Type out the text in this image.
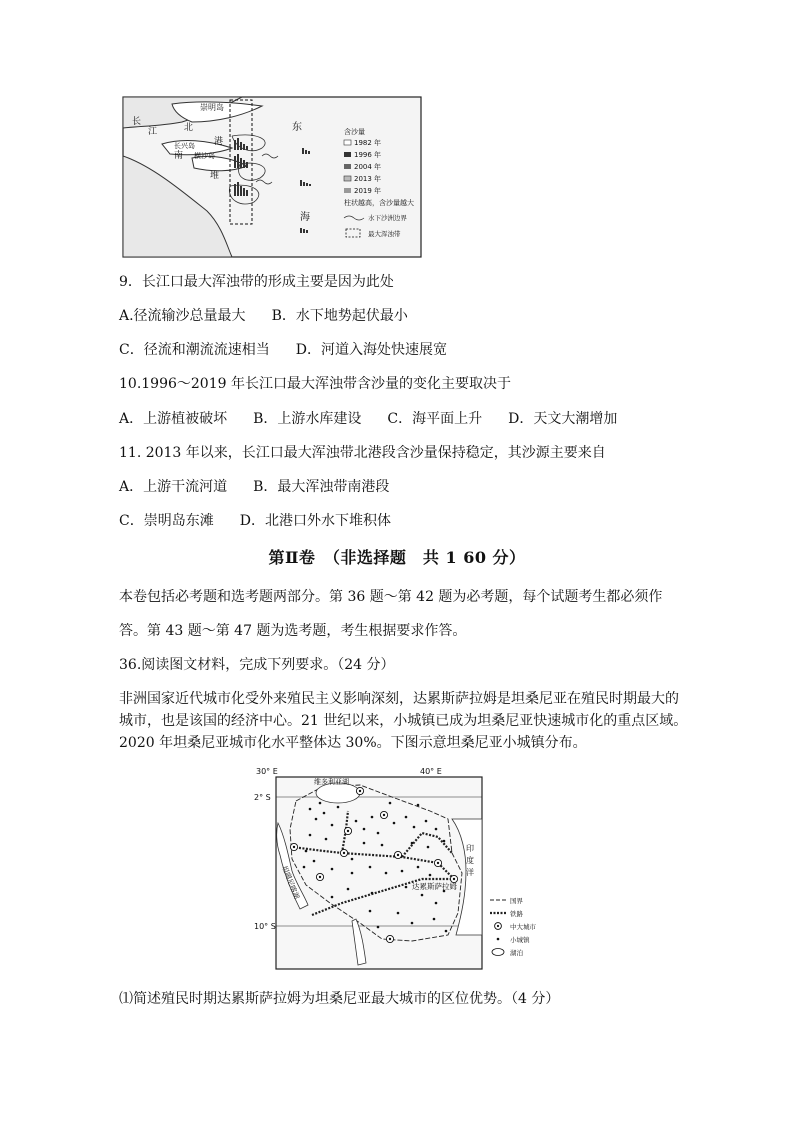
崇明岛
长
江	北
港
长兴岛
南 横沙岛
堆
东
海
含沙量
1982 年
1996 年
2004 年
2013 年
2019 年
柱状越高，含沙量越大
水下沙洲边界
最大浑浊带
9．长江口最大浑浊带的形成主要是因为此处
A.径流输沙总量最大 B．水下地势起伏最小
C．径流和潮流流速相当 D．河道入海处快速展宽
10.1996～2019 年长江口最大浑浊带含沙量的变化主要取决于
A．上游植被破坏 B．上游水库建设 C．海平面上升 D．天文大潮增加
11. 2013 年以来，长江口最大浑浊带北港段含沙量保持稳定，其沙源主要来自
A．上游干流河道 B．最大浑浊带南港段
C．崇明岛东滩 D．北港口外水下堆积体
第Ⅱ卷　（非选择题　共 1 60 分）
本卷包括必考题和选考题两部分。第 36 题～第 42 题为必考题，每个试题考生都必须作
答。第 43 题～第 47 题为选考题，考生根据要求作答。
36.阅读图文材料，完成下列要求。（24 分）
非洲国家近代城市化受外来殖民主义影响深刻，达累斯萨拉姆是坦桑尼亚在殖民时期最大的
城市，也是该国的经济中心。21 世纪以来，小城镇已成为坦桑尼亚快速城市化的重点区域。
2020 年坦桑尼亚城市化水平整体达 30%。下图示意坦桑尼亚小城镇分布。
30° E	40° E
2° S
10° S
维多利亚湖
印
度
洋
达累斯萨拉姆
坦噶尼喀湖
国界
铁路
中大城市
小城镇
湖泊
⑴简述殖民时期达累斯萨拉姆为坦桑尼亚最大城市的区位优势。（4 分）
